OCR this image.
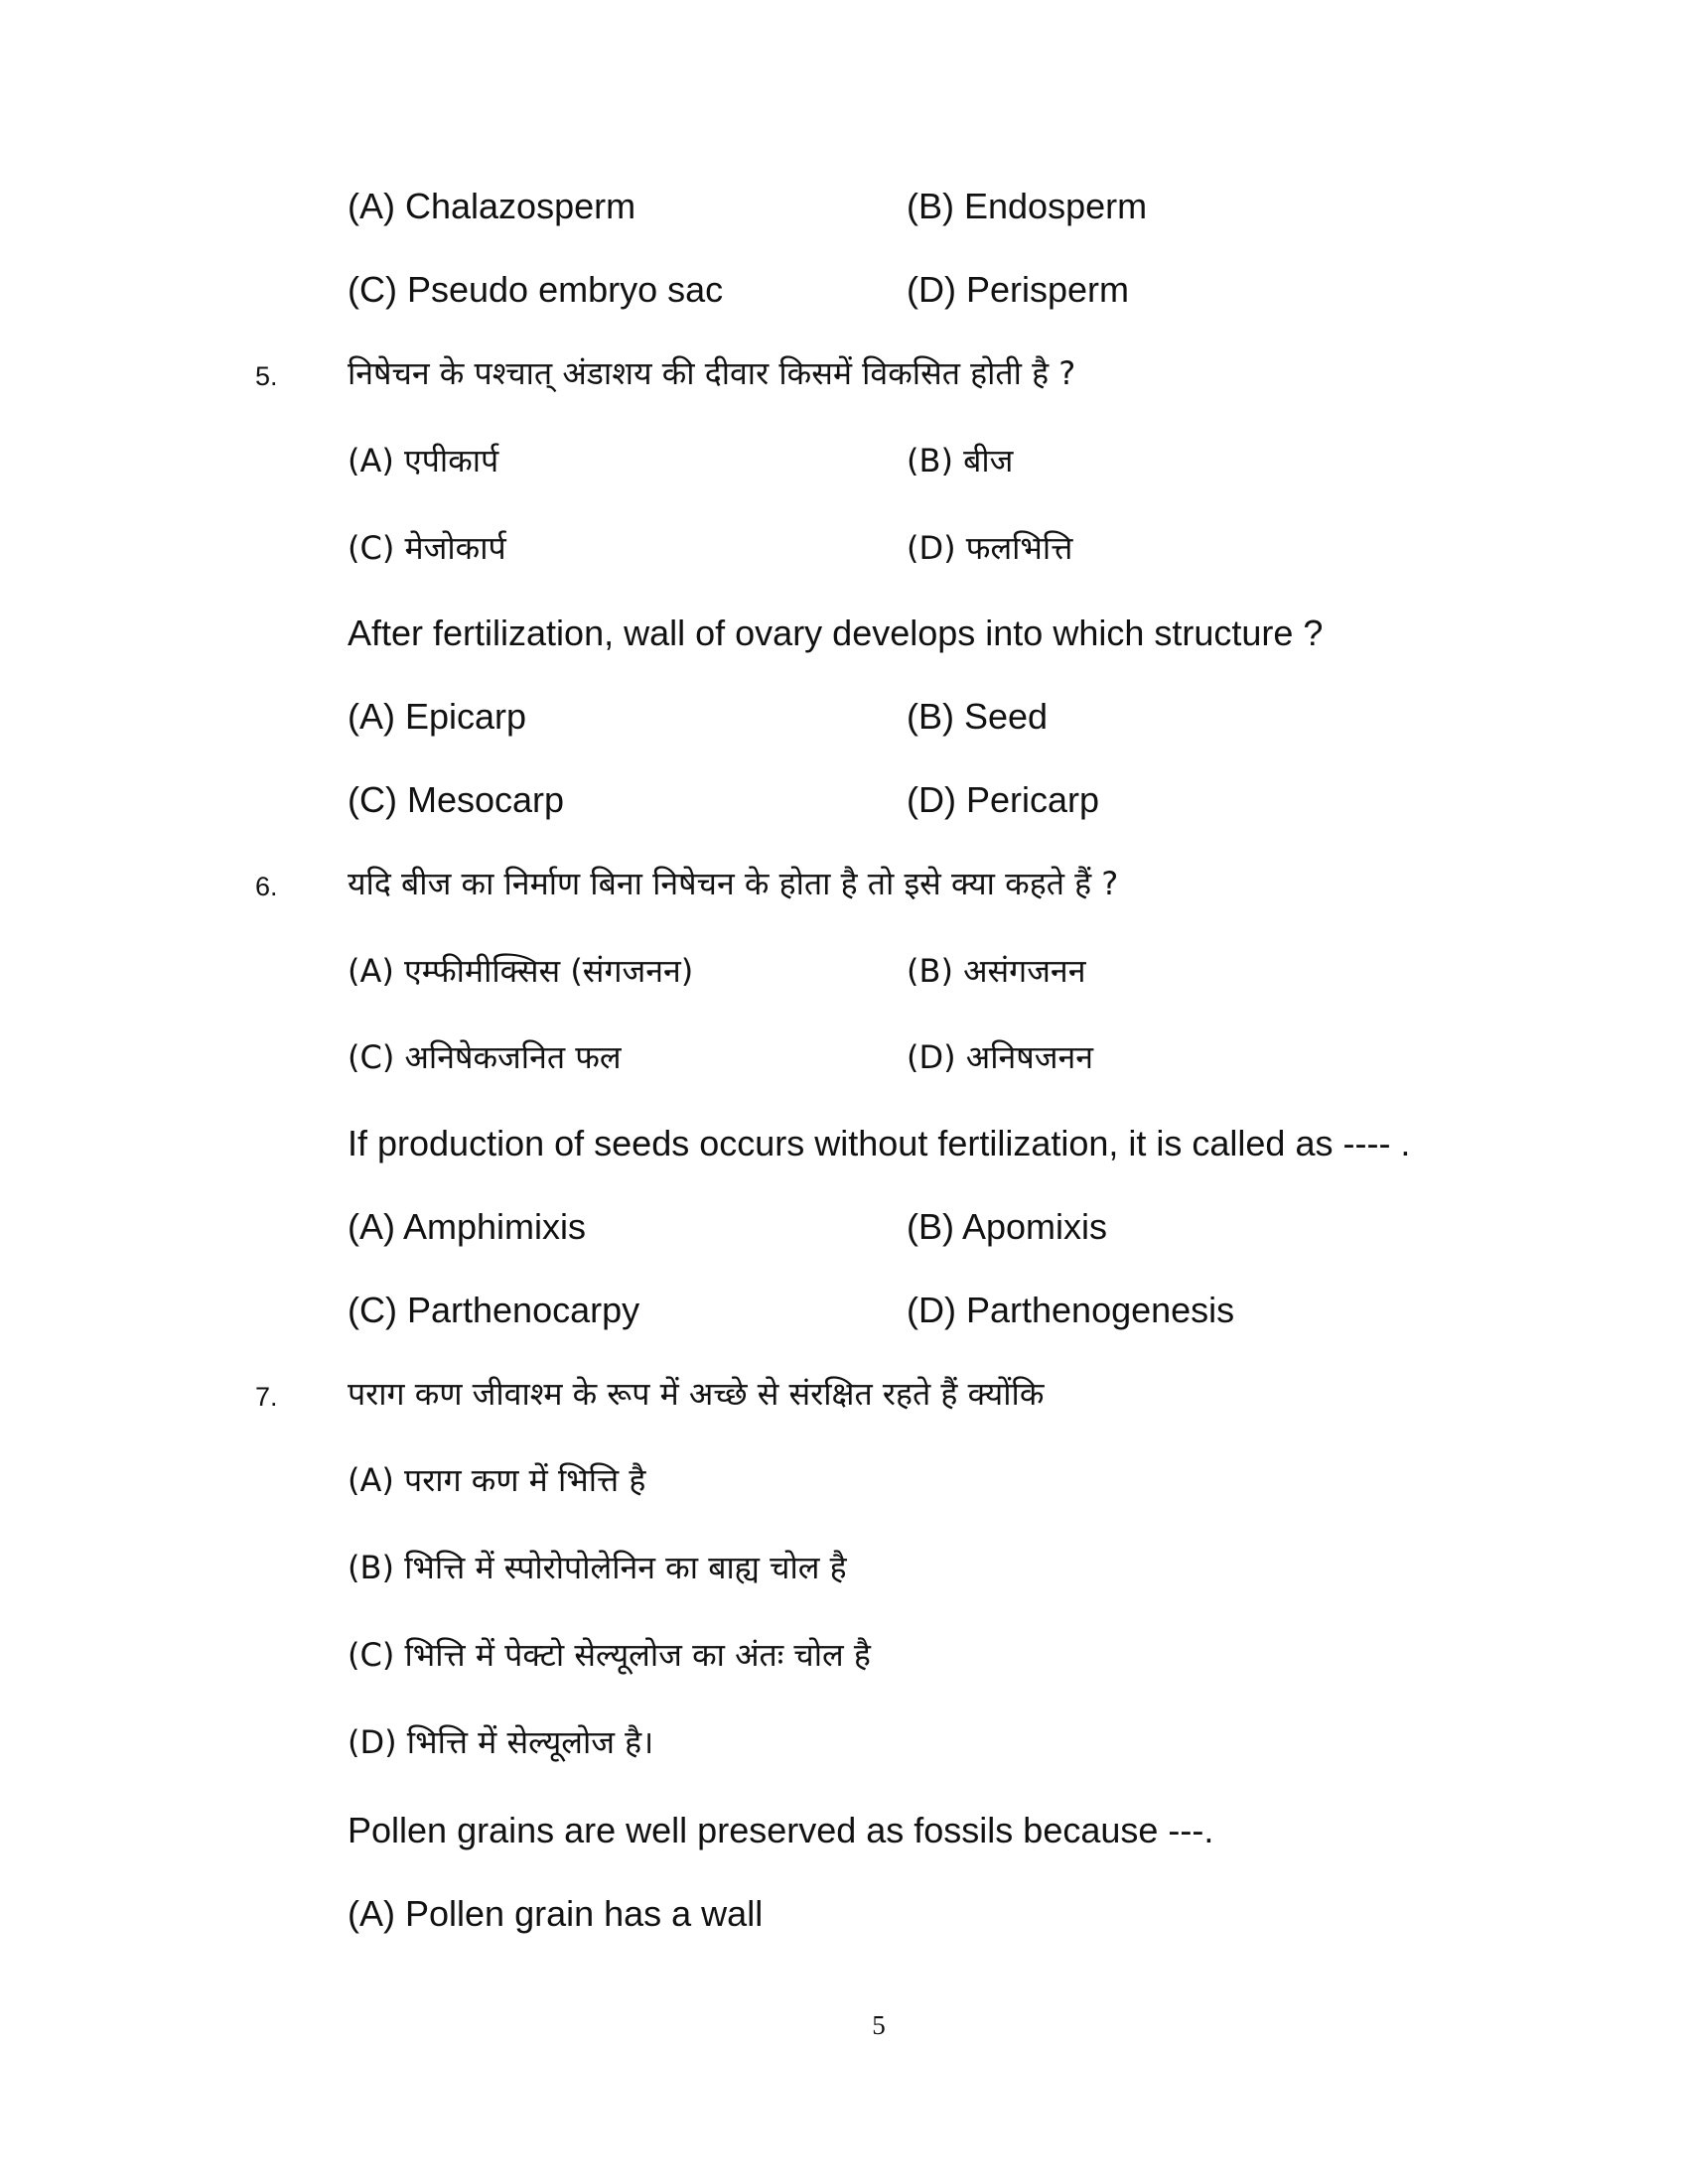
(A) Chalazosperm	(B) Endosperm
(C) Pseudo embryo sac	(D) Perisperm
5. निषेचन के पश्चात् अंडाशय की दीवार किसमें विकसित होती है ?
(A) एपीकार्प	(B) बीज
(C) मेजोकार्प	(D) फलभित्ति
After fertilization, wall of ovary develops into which structure ?
(A) Epicarp	(B) Seed
(C) Mesocarp	(D) Pericarp
6. यदि बीज का निर्माण बिना निषेचन के होता है तो इसे क्या कहते हैं ?
(A) एम्फीमीक्सिस (संगजनन)	(B) असंगजनन
(C) अनिषेकजनित फल	(D) अनिषजनन
If production of seeds occurs without fertilization, it is called as ---- .
(A) Amphimixis	(B) Apomixis
(C) Parthenocarpy	(D) Parthenogenesis
7. पराग कण जीवाश्म के रूप में अच्छे से संरक्षित रहते हैं क्योंकि
(A) पराग कण में भित्ति है
(B) भित्ति में स्पोरोपोलेनिन का बाह्य चोल है
(C) भित्ति में पेक्टो सेल्यूलोज का अंतः चोल है
(D) भित्ति में सेल्यूलोज है।
Pollen grains are well preserved as fossils because ---.
(A) Pollen grain has a wall
5
